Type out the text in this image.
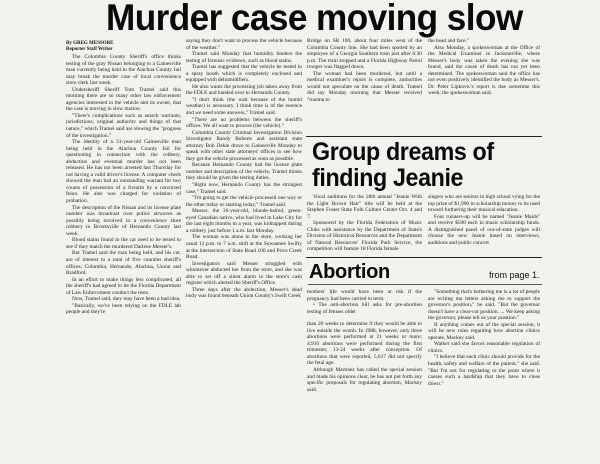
Murder case moving slow
By GREG MESSORE
Reporter Staff Writer

The Columbia County Sheriff's office thinks testing of the gray Nissan belonging to a Gainesville man currently being held in the Alachua County Jail may break the murder case of local convenience store clerk last week.

Undersheriff Sheriff Tom Tramel said this morning there are so many other law enforcement agencies interested in the vehicle and its owner, that the case is moving in slow motion.

"There's complications such as search warrants, jurisdictions, original authority and things of that nature," which Tramel said are slowing the "progress of the investigation."

The identity of a 31-year-old Gainesville man being held in the Alachua County Jail for questioning in connection with the robbery, abduction and eventual murder has not been released. He has not been arrested last Thursday for not having a valid driver's license. A computer check showed the man had an outstanding warrant for two counts of possession of a firearm by a convicted felon. He also was charged for violation of probation.

The description of the Nissan and its license plate number was broadcast over police airwaves as possibly being involved in a convenience store robbery in Brooksville of Hernando County last week.

Blood stains found in the car need to be tested to see if they match the murdered Darlene Messer's.

But Tramel said the man being held, and his car, are of interest to a total of five counties sheriff's offices, Columbia, Hernando, Alachua, Union and Bradford.

In an effort to make things less complicated, all the sheriff's had agreed to let the Florida Department of Law Enforcement conduct the tests.

Now, Tramel said, they may have been a bad idea.

"Basically, we've been relying on the FDLE lab people and they're

saying they don't want to process the vehicle because of the weather."

Tramel said Monday that humidity hinders the testing of forensic evidence, such as blood stains.

Tramel has suggested that the vehicle be tested in a spray booth which is completely enclosed and equipped with dehumidifiers.

He also wants the processing job taken away from the FDLE and handed over to Hernando County.

"I don't think (the wait because of the humid weather) is necessary. I think time is of the essence and we need some answers," Tramel said.

"There are no problems between the sheriff's offices. We all want to process (the vehicle)."

Columbia County Criminal Investigation Division Investigator Randy Roberts and assistant state attorney Bob Dekle drove to Gainesville Monday to speak with other state attorneys' offices to see how they get the vehicle processed as soon as possible.

Because Hernando County had the license plate number and description of the vehicle, Tramel thinks they should be given the testing duties.

"Right now, Hernando County has the strongest case," Tramel said.

"I'm going to get the vehicle processed one way or the other today or starting today," Tramel said.

Messer, the 36-year-old, blonde-haired, green-eyed Canadian native, who had lived in Lake City for the last eight months to a year, was kidnapped during a robbery just before 1 a.m. last Monday.

The woman was alone in the store, working her usual 11 p.m. to 7 a.m. shift at the Suwannee Swifty at the intersection of State Road 100 and Price Creek Road.

Investigators said Messer struggled with whomever abducted her from the store, and she was able to set off a silent alarm in the store's cash register which alerted the Sheriff's Office.

Three days after the abduction, Messer's dead body was found beneath Union County's Swift Creek

Bridge on SR 100, about four miles west of the Columbia County line. She had been spotted by an employee of a Georgia Southern train just after 6:30 p.m. The train stopped and a Florida Highway Patrol trooper was flagged down.

The woman had been murdered, but until a medical examiner's report is complete, authorities would not speculate on the cause of death. Tramel did say Monday morning that Messer received "trauma to

the head and face."

Also Monday, a spokeswoman at the Office of the Medical Examiner in Jacksonville, where Messer's body was taken the evening she was found, said the cause of death has not yet been determined. The spokeswoman said the office has not even positively identified the body as Messer's. Dr. Peter Lipkovic's report is due sometime this week, the spokeswoman said.

Group dreams of
finding Jeanie

Vocal auditions for the 28th annual "Jeanie With the Light Brown Hair" title will be held at the Stephen Foster State Folk Culture Center Oct. 4 and 7.

Sponsored by the Florida Federation of Music Clubs with assistance by the Department of State's Division of Historical Resources and the Department of Natural Resources' Florida Park Service, the competition will feature 18 Florida female

singers who are seniors in high school vying for the top prize of $1,900 in scholarship money to be used toward furthering their musical education.

Four runners-up will be named "Jeanie Maids" and receive $500 each in music scholarship funds. A distinguished panel of out-of-state judges will choose the new Jeanie based on interviews, auditions and public concert

Abortion	from page 1.

mothers' life would have been at risk if the pregnancy had been carried to term.

• The anti-abortion bill asks for pre-abortion testing of fetuses older

than 20 weeks to determine if they would be able to live outside the womb. In 1988, however, only three abortions were performed at 21 weeks or more; 4,910 abortions were performed during the first trimester, 13-24 weeks after conception. Of abortions that were reported, 5,617 did not specify the fetal age.

Although Martinez has called the special session and made his opinions clear, he has not put forth any specific proposals for regulating abortion, Mackey said.

"Something that's bothering me is a lot of people are writing me letters asking me to support the governor's position," he said. "But the governor doesn't have a clear-cut position. ... We keep asking the governor, please tell us your position."

If anything comes out of the special session, it will be new rules regarding how abortion clinics operate, Mackey said.

Walker said she favors reasonable regulation of clinics.

"I believe that each clinic should provide for the health, safety and welfare of the patient," she said. "But I'm not for regulating to the point where it causes such a hardship that they have to close down."
